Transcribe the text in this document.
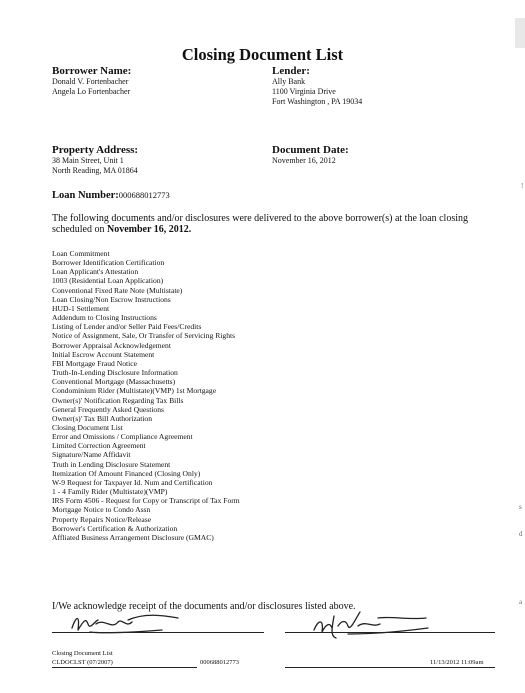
Closing Document List
Borrower Name:
Donald V. Fortenbacher
Angela Lo Fortenbacher
Lender:
Ally Bank
1100 Virginia Drive
Fort Washington , PA 19034
Property Address:
38 Main Street, Unit 1
North Reading, MA 01864
Document Date:
November 16, 2012
Loan Number:000688012773
The following documents and/or disclosures were delivered to the above borrower(s) at the loan closing scheduled on November 16, 2012.
Loan Commitment
Borrower Identification Certification
Loan Applicant's Attestation
1003 (Residential Loan Application)
Conventional Fixed Rate Note (Multistate)
Loan Closing/Non Escrow Instructions
HUD-1 Settlement
Addendum to Closing Instructions
Listing of Lender and/or Seller Paid Fees/Credits
Notice of Assignment, Sale, Or Transfer of Servicing Rights
Borrower Appraisal Acknowledgement
Initial Escrow Account Statement
FBI Mortgage Fraud Notice
Truth-In-Lending Disclosure Information
Conventional Mortgage (Massachusetts)
Condominium Rider (Multistate)(VMP) 1st Mortgage
Owner(s)' Notification Regarding Tax Bills
General Frequently Asked Questions
Owner(s)' Tax Bill Authorization
Closing Document List
Error and Omissions / Compliance Agreement
Limited Correction Agreement
Signature/Name Affidavit
Truth in Lending Disclosure Statement
Itemization Of Amount Financed (Closing Only)
W-9 Request for Taxpayer Id. Num and Certification
1 - 4 Family Rider (Multistate)(VMP)
IRS Form 4506 - Request for Copy or Transcript of Tax Form
Mortgage Notice to Condo Assn
Property Repairs Notice/Release
Borrower's Certification & Authorization
Affliated Business Arrangement Disclosure (GMAC)
I/We acknowledge receipt of the documents and/or disclosures listed above.
Closing Document List
CLDOCLST (07/2007)	000688012773	11/13/2012 11:09am
s
d
a
!
